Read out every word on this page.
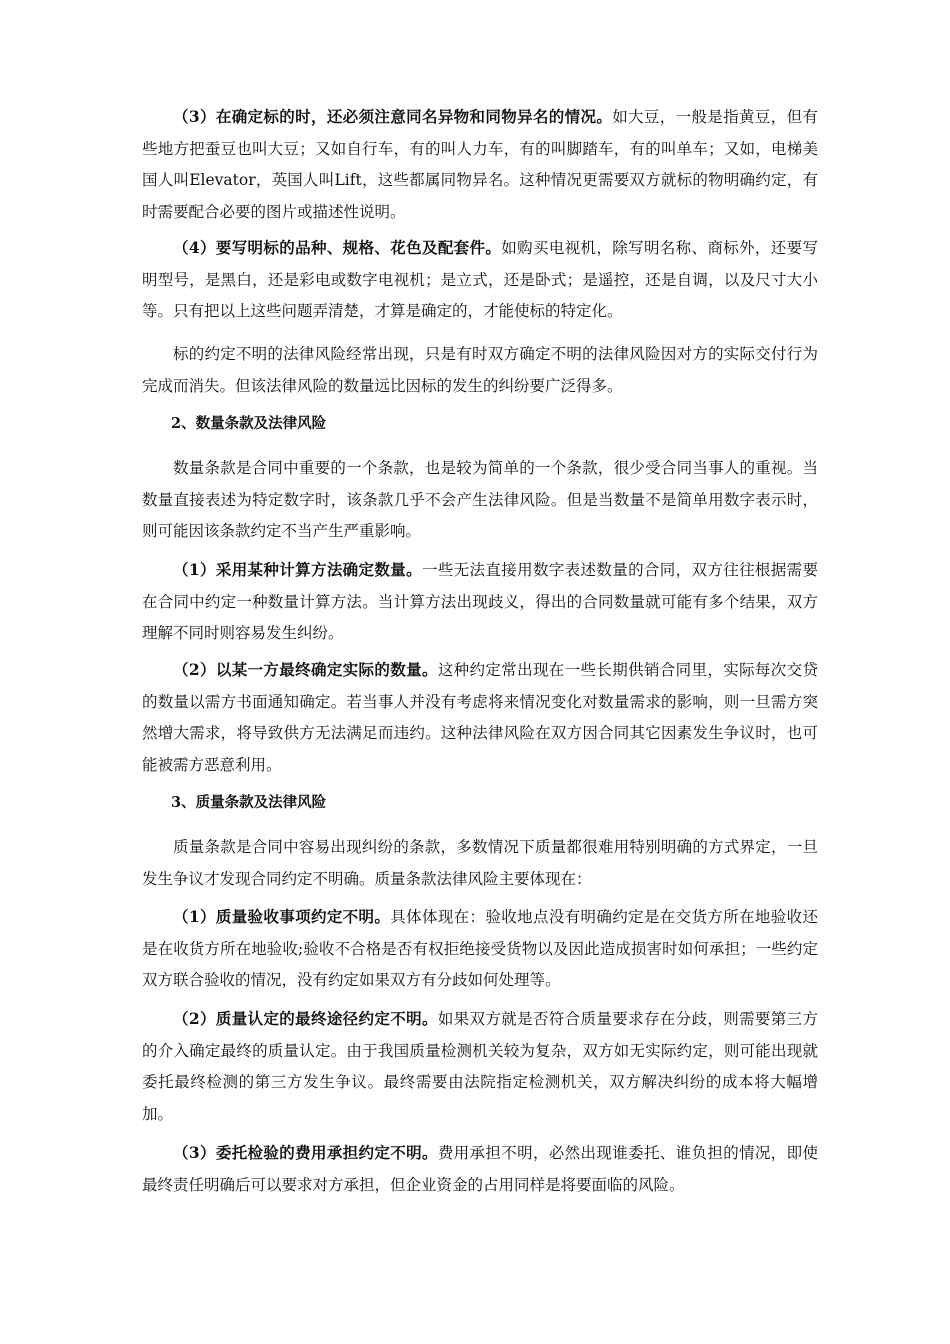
（3）在确定标的时，还必须注意同名异物和同物异名的情况。如大豆，一般是指黄豆，但有些地方把蚕豆也叫大豆；又如自行车，有的叫人力车，有的叫脚踏车，有的叫单车；又如，电梯美国人叫Elevator，英国人叫Lift，这些都属同物异名。这种情况更需要双方就标的物明确约定，有时需要配合必要的图片或描述性说明。

（4）要写明标的品种、规格、花色及配套件。如购买电视机，除写明名称、商标外，还要写明型号，是黑白，还是彩电或数字电视机；是立式，还是卧式；是遥控，还是自调，以及尺寸大小等。只有把以上这些问题弄清楚，才算是确定的，才能使标的特定化。

标的约定不明的法律风险经常出现，只是有时双方确定不明的法律风险因对方的实际交付行为完成而消失。但该法律风险的数量远比因标的发生的纠纷要广泛得多。

2、数量条款及法律风险

数量条款是合同中重要的一个条款，也是较为简单的一个条款，很少受合同当事人的重视。当数量直接表述为特定数字时，该条款几乎不会产生法律风险。但是当数量不是简单用数字表示时，则可能因该条款约定不当产生严重影响。

（1）采用某种计算方法确定数量。一些无法直接用数字表述数量的合同，双方往往根据需要在合同中约定一种数量计算方法。当计算方法出现歧义，得出的合同数量就可能有多个结果，双方理解不同时则容易发生纠纷。

（2）以某一方最终确定实际的数量。这种约定常出现在一些长期供销合同里，实际每次交贷的数量以需方书面通知确定。若当事人并没有考虑将来情况变化对数量需求的影响，则一旦需方突然增大需求，将导致供方无法满足而违约。这种法律风险在双方因合同其它因素发生争议时，也可能被需方恶意利用。

3、质量条款及法律风险

质量条款是合同中容易出现纠纷的条款，多数情况下质量都很难用特别明确的方式界定，一旦发生争议才发现合同约定不明确。质量条款法律风险主要体现在：

（1）质量验收事项约定不明。具体体现在：验收地点没有明确约定是在交货方所在地验收还是在收货方所在地验收;验收不合格是否有权拒绝接受货物以及因此造成损害时如何承担；一些约定双方联合验收的情况，没有约定如果双方有分歧如何处理等。

（2）质量认定的最终途径约定不明。如果双方就是否符合质量要求存在分歧，则需要第三方的介入确定最终的质量认定。由于我国质量检测机关较为复杂，双方如无实际约定，则可能出现就委托最终检测的第三方发生争议。最终需要由法院指定检测机关，双方解决纠纷的成本将大幅增加。

（3）委托检验的费用承担约定不明。费用承担不明，必然出现谁委托、谁负担的情况，即使最终责任明确后可以要求对方承担，但企业资金的占用同样是将要面临的风险。
